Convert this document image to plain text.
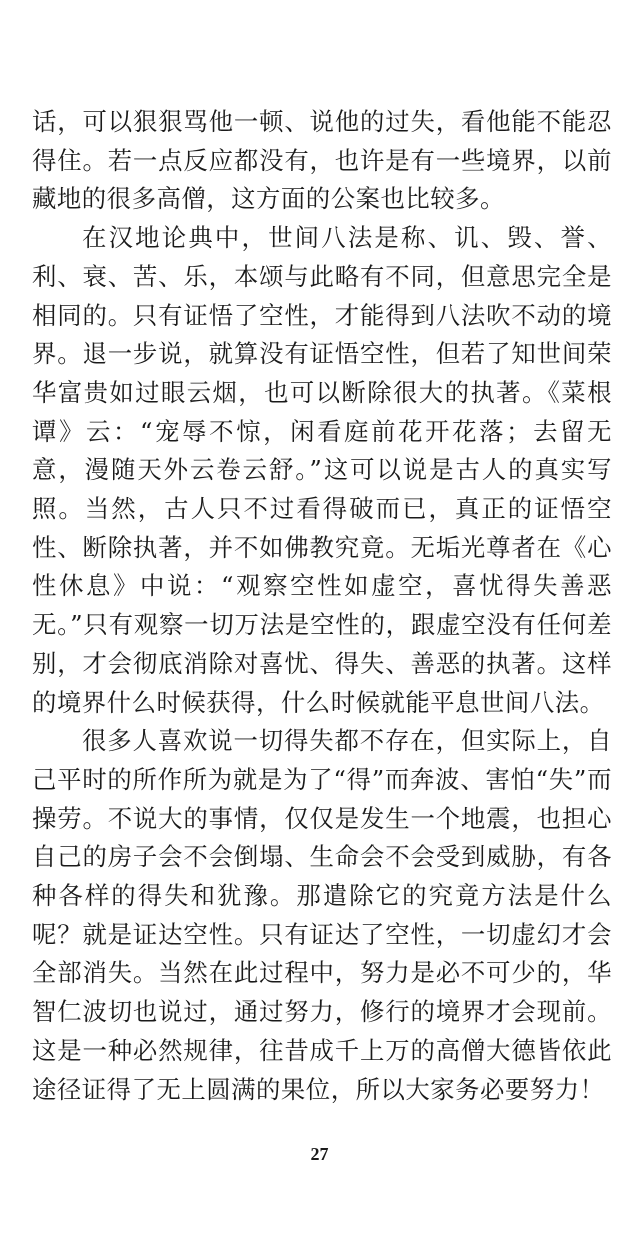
话，可以狠狠骂他一顿、说他的过失，看他能不能忍得住。若一点反应都没有，也许是有一些境界，以前藏地的很多高僧，这方面的公案也比较多。

在汉地论典中，世间八法是称、讥、毁、誉、利、衰、苦、乐，本颂与此略有不同，但意思完全是相同的。只有证悟了空性，才能得到八法吹不动的境界。退一步说，就算没有证悟空性，但若了知世间荣华富贵如过眼云烟，也可以断除很大的执著。《菜根谭》云：“宠辱不惊，闲看庭前花开花落；去留无意，漫随天外云卷云舒。”这可以说是古人的真实写照。当然，古人只不过看得破而已，真正的证悟空性、断除执著，并不如佛教究竟。无垢光尊者在《心性休息》中说：“观察空性如虚空，喜忧得失善恶无。”只有观察一切万法是空性的，跟虚空没有任何差别，才会彻底消除对喜忧、得失、善恶的执著。这样的境界什么时候获得，什么时候就能平息世间八法。

很多人喜欢说一切得失都不存在，但实际上，自己平时的所作所为就是为了“得”而奔波、害怕“失”而操劳。不说大的事情，仅仅是发生一个地震，也担心自己的房子会不会倒塌、生命会不会受到威胁，有各种各样的得失和犹豫。那遣除它的究竟方法是什么呢？就是证达空性。只有证达了空性，一切虚幻才会全部消失。当然在此过程中，努力是必不可少的，华智仁波切也说过，通过努力，修行的境界才会现前。这是一种必然规律，往昔成千上万的高僧大德皆依此途径证得了无上圆满的果位，所以大家务必要努力！

27
